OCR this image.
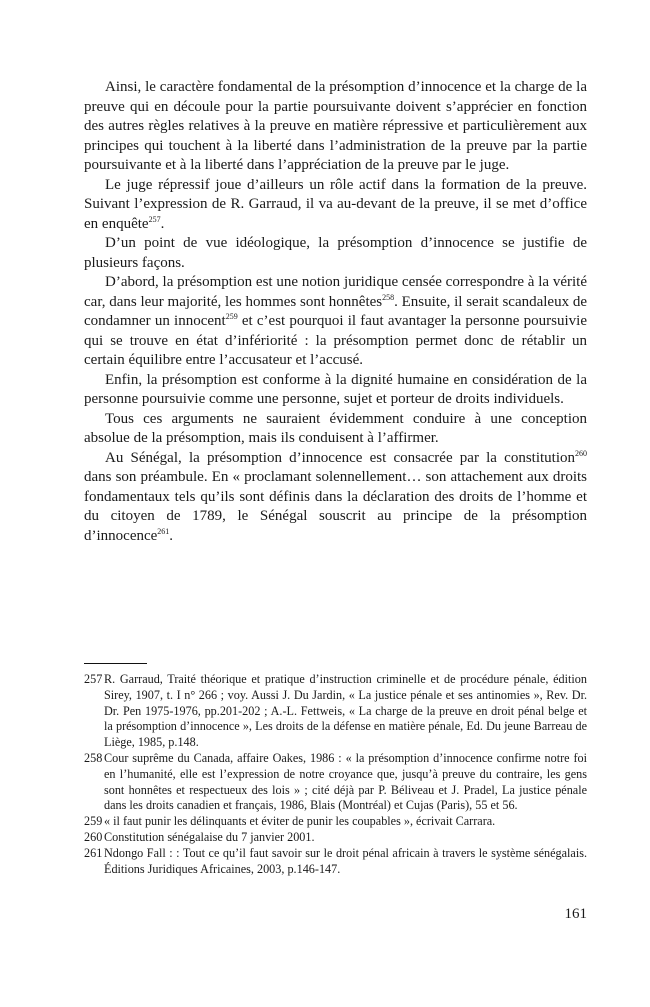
Ainsi, le caractère fondamental de la présomption d’innocence et la charge de la preuve qui en découle pour la partie poursuivante doivent s’apprécier en fonction des autres règles relatives à la preuve en matière répressive et particulièrement aux principes qui touchent à la liberté dans l’administration de la preuve par la partie poursuivante et à la liberté dans l’appréciation de la preuve par le juge.

Le juge répressif joue d’ailleurs un rôle actif dans la formation de la preuve. Suivant l’expression de R. Garraud, il va au-devant de la preuve, il se met d’office en enquête$^{257}$.

D’un point de vue idéologique, la présomption d’innocence se justifie de plusieurs façons.

D’abord, la présomption est une notion juridique censée correspondre à la vérité car, dans leur majorité, les hommes sont honnêtes$^{258}$. Ensuite, il serait scandaleux de condamner un innocent$^{259}$ et c’est pourquoi il faut avantager la personne poursuivie qui se trouve en état d’infériorité : la présomption permet donc de rétablir un certain équilibre entre l’accusateur et l’accusé.

Enfin, la présomption est conforme à la dignité humaine en considération de la personne poursuivie comme une personne, sujet et porteur de droits individuels.

Tous ces arguments ne sauraient évidemment conduire à une conception absolue de la présomption, mais ils conduisent à l’affirmer.

Au Sénégal, la présomption d’innocence est consacrée par la constitution$^{260}$ dans son préambule. En « proclamant solennellement… son attachement aux droits fondamentaux tels qu’ils sont définis dans la déclaration des droits de l’homme et du citoyen de 1789, le Sénégal souscrit au principe de la présomption d’innocence$^{261}$.

257 R. Garraud, Traité théorique et pratique d’instruction criminelle et de procédure pénale, édition Sirey, 1907, t. I n° 266 ; voy. Aussi J. Du Jardin, « La justice pénale et ses antinomies », Rev. Dr. Dr. Pen 1975-1976, pp.201-202 ; A.-L. Fettweis, « La charge de la preuve en droit pénal belge et la présomption d’innocence », Les droits de la défense en matière pénale, Ed. Du jeune Barreau de Liège, 1985, p.148.
258 Cour suprême du Canada, affaire Oakes, 1986 : « la présomption d’innocence confirme notre foi en l’humanité, elle est l’expression de notre croyance que, jusqu’à preuve du contraire, les gens sont honnêtes et respectueux des lois » ; cité déjà par P. Béliveau et J. Pradel, La justice pénale dans les droits canadien et français, 1986, Blais (Montréal) et Cujas (Paris), 55 et 56.
259 « il faut punir les délinquants et éviter de punir les coupables », écrivait Carrara.
260 Constitution sénégalaise du 7 janvier 2001.
261 Ndongo Fall : : Tout ce qu’il faut savoir sur le droit pénal africain à travers le système sénégalais. Éditions Juridiques Africaines, 2003, p.146-147.
161
